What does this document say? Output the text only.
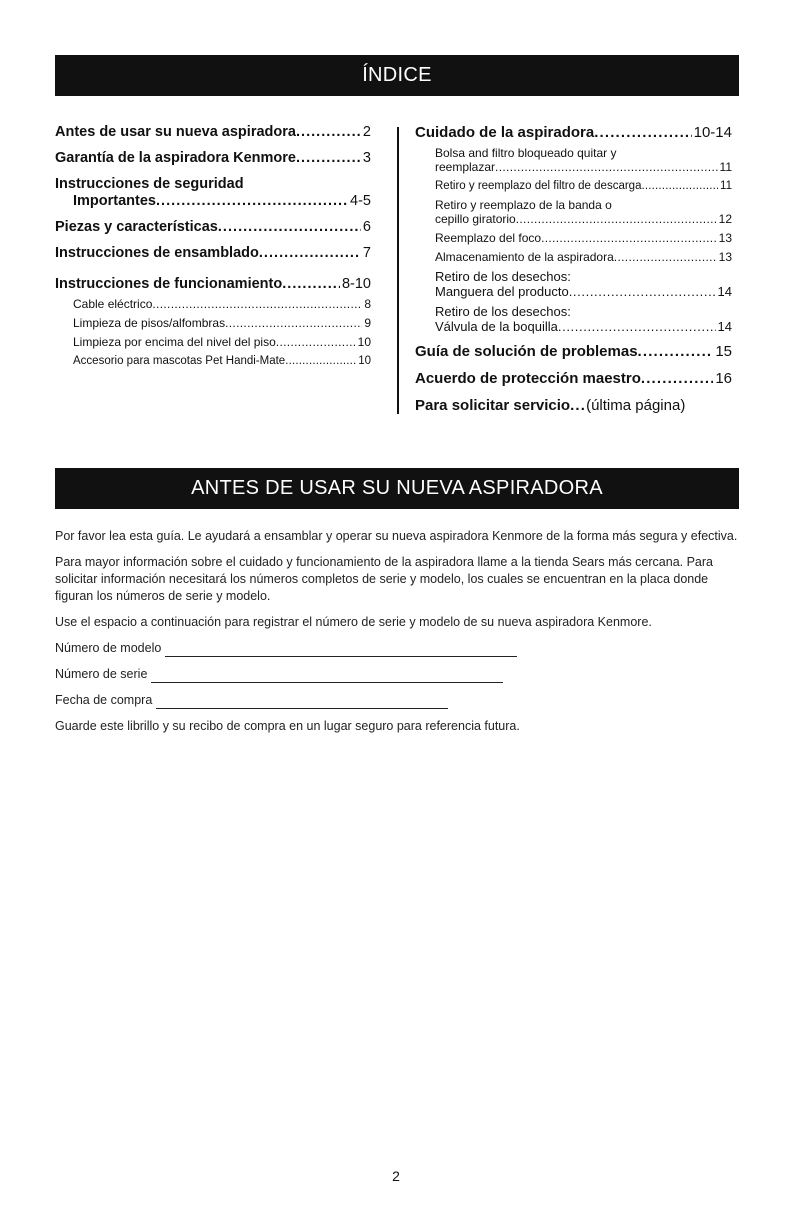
ÍNDICE
Antes de usar su nueva aspiradora . . .	2
Garantía de la aspiradora Kenmore . . .	3
Instrucciones de seguridad
Importantes . . .	4-5
Piezas y características . . .	6
Instrucciones de ensamblado . . .	7
Instrucciones de funcionamiento . . .	8-10
Cable eléctrico . . .	8
Limpieza de pisos/alfombras . . .	9
Limpieza por encima del nivel del piso . . .	10
Accesorio para mascotas Pet Handi-Mate . . .	10
Cuidado de la aspiradora . . .	10-14
Bolsa and filtro bloqueado quitar y
reemplazar . . .	11
Retiro y reemplazo del filtro de descarga . . .	11
Retiro y reemplazo de la banda o
cepillo giratorio . . .	12
Reemplazo del foco . . .	13
Almacenamiento de la aspiradora . . .	13
Retiro de los desechos:
Manguera del producto . . .	14
Retiro de los desechos:
Válvula de la boquilla . . .	14
Guía de solución de problemas . . .	15
Acuerdo de protección maestro . . .	16
Para solicitar servicio . . . (última página)
ANTES DE USAR SU NUEVA ASPIRADORA

Por favor lea esta guía. Le ayudará a ensamblar y operar su nueva aspiradora Kenmore de la forma más segura y efectiva.

Para mayor información sobre el cuidado y funcionamiento de la aspiradora llame a la tienda Sears más cercana. Para solicitar información necesitará los números completos de serie y modelo, los cuales se encuentran en la placa donde figuran los números de serie y modelo.

Use el espacio a continuación para registrar el número de serie y modelo de su nueva aspiradora Kenmore.

Número de modelo
Número de serie
Fecha de compra

Guarde este librillo y su recibo de compra en un lugar seguro para referencia futura.

2
